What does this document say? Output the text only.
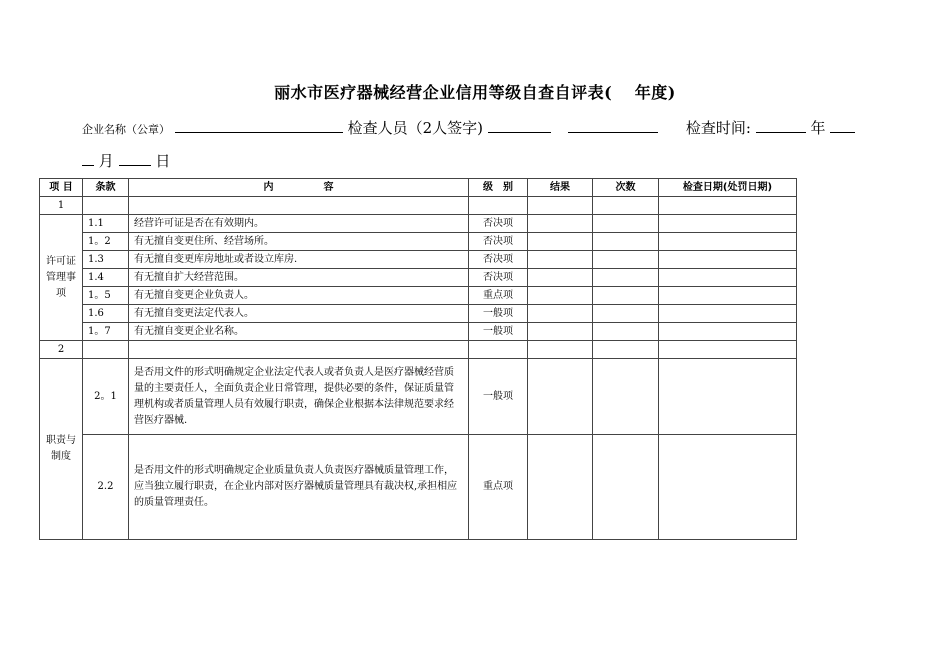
丽水市医疗器械经营企业信用等级自查自评表(　 年度)
企业名称（公章）	检查人员（2人签字)	检查时间:	年
月	日
项 目	条款	内　　　　　容	级　别	结果	次数	检查日期(处罚日期)
1						
许可证管理事项	1.1	经营许可证是否在有效期内。	否决项			
	1。2	有无擅自变更住所、经营场所。	否决项			
	1.3	有无擅自变更库房地址或者设立库房.	否决项			
	1.4	有无擅自扩大经营范围。	否决项			
	1。5	有无擅自变更企业负责人。	重点项			
	1.6	有无擅自变更法定代表人。	一般项			
	1。7	有无擅自变更企业名称。	一般项			
2						
职责与制度	2。1	是否用文件的形式明确规定企业法定代表人或者负责人是医疗器械经营质量的主要责任人，全面负责企业日常管理，提供必要的条件，保证质量管理机构或者质量管理人员有效履行职责，确保企业根据本法律规范要求经营医疗器械.	一般项			
	2.2	是否用文件的形式明确规定企业质量负责人负责医疗器械质量管理工作，应当独立履行职责，在企业内部对医疗器械质量管理具有裁决权,承担相应的质量管理责任。	重点项			
